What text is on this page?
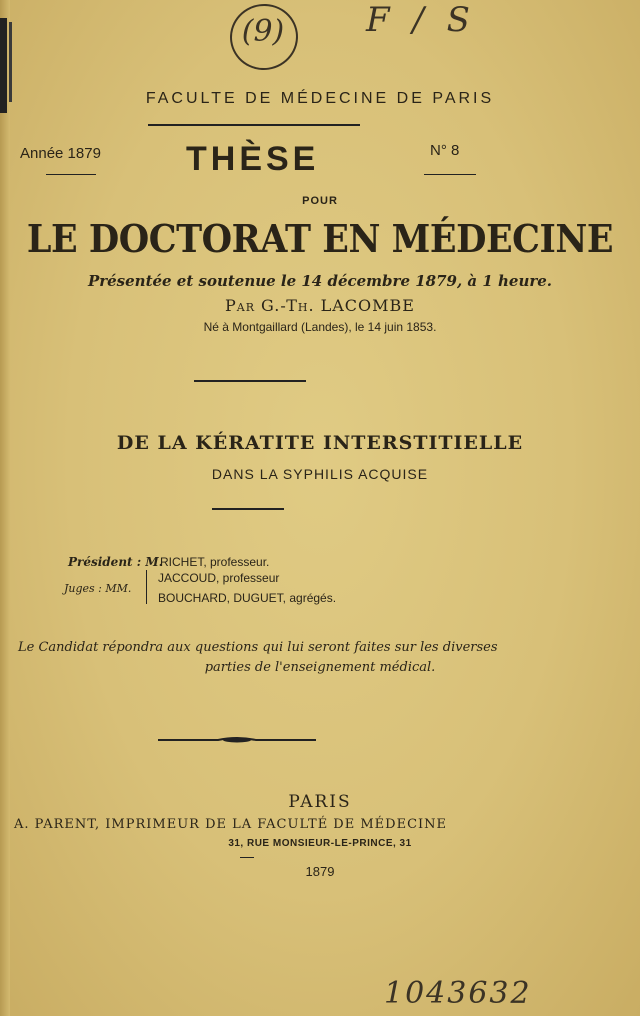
(9) F / S
FACULTE DE MÉDECINE DE PARIS
Année 1879	THÈSE	N° 8
POUR
LE DOCTORAT EN MÉDECINE
Présentée et soutenue le 14 décembre 1879, à 1 heure.
Par G.-Th. LACOMBE
Né à Montgaillard (Landes), le 14 juin 1853.
DE LA KÉRATITE INTERSTITIELLE
DANS LA SYPHILIS ACQUISE
Président : M.
RICHET, professeur.
Juges : MM.
JACCOUD, professeur
BOUCHARD, DUGUET, agrégés.
Le Candidat répondra aux questions qui lui seront faites sur les diverses
parties de l'enseignement médical.
PARIS
A. PARENT, IMPRIMEUR DE LA FACULTÉ DE MÉDECINE
31, RUE MONSIEUR-LE-PRINCE, 31
1879
1043632
